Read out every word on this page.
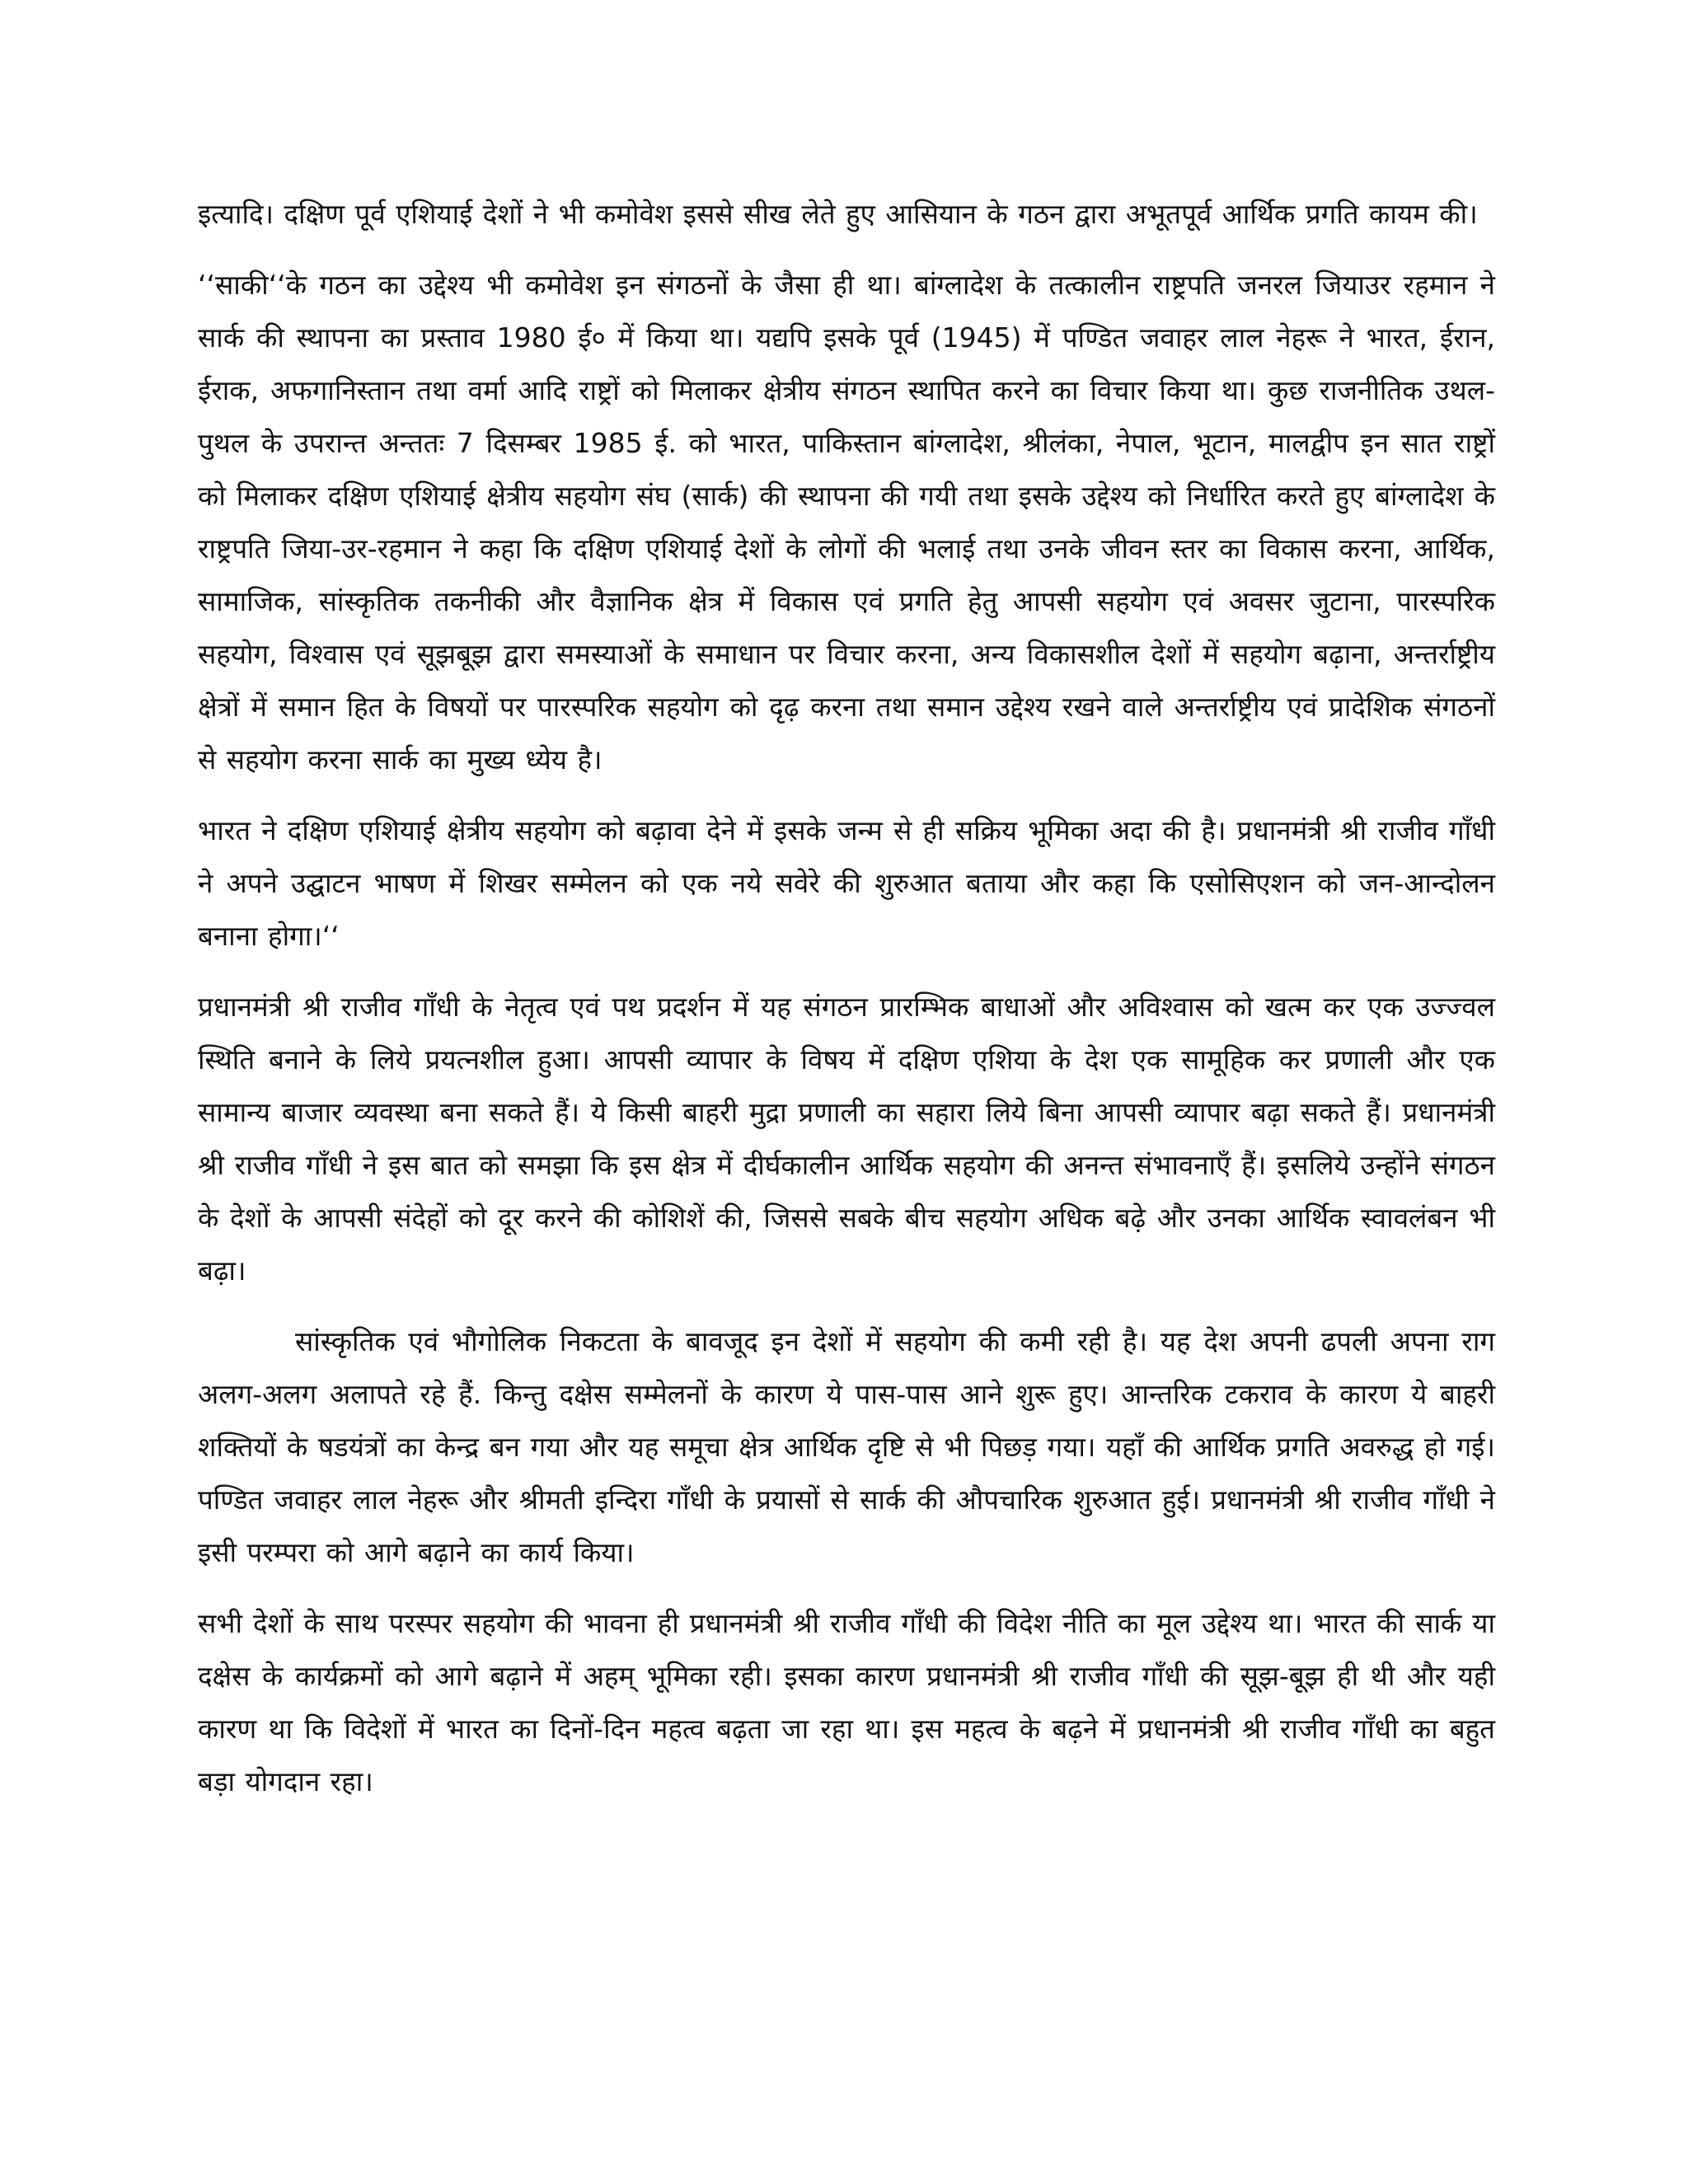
इत्यादि। दक्षिण पूर्व एशियाई देशों ने भी कमोवेश इससे सीख लेते हुए आसियान के गठन द्वारा अभूतपूर्व आर्थिक प्रगति कायम की।

‘‘साकी‘‘के गठन का उद्देश्य भी कमोवेश इन संगठनों के जैसा ही था। बांग्लादेश के तत्कालीन राष्ट्रपति जनरल जियाउर रहमान ने सार्क की स्थापना का प्रस्ताव 1980 ई० में किया था। यद्यपि इसके पूर्व (1945) में पण्डित जवाहर लाल नेहरू ने भारत, ईरान, ईराक, अफगानिस्तान तथा वर्मा आदि राष्ट्रों को मिलाकर क्षेत्रीय संगठन स्थापित करने का विचार किया था। कुछ राजनीतिक उथल-पुथल के उपरान्त अन्ततः 7 दिसम्बर 1985 ई. को भारत, पाकिस्तान बांग्लादेश, श्रीलंका, नेपाल, भूटान, मालद्वीप इन सात राष्ट्रों को मिलाकर दक्षिण एशियाई क्षेत्रीय सहयोग संघ (सार्क) की स्थापना की गयी तथा इसके उद्देश्य को निर्धारित करते हुए बांग्लादेश के राष्ट्रपति जिया-उर-रहमान ने कहा कि दक्षिण एशियाई देशों के लोगों की भलाई तथा उनके जीवन स्तर का विकास करना, आर्थिक, सामाजिक, सांस्कृतिक तकनीकी और वैज्ञानिक क्षेत्र में विकास एवं प्रगति हेतु आपसी सहयोग एवं अवसर जुटाना, पारस्परिक सहयोग, विश्वास एवं सूझबूझ द्वारा समस्याओं के समाधान पर विचार करना, अन्य विकासशील देशों में सहयोग बढ़ाना, अन्तर्राष्ट्रीय क्षेत्रों में समान हित के विषयों पर पारस्परिक सहयोग को दृढ़ करना तथा समान उद्देश्य रखने वाले अन्तर्राष्ट्रीय एवं प्रादेशिक संगठनों से सहयोग करना सार्क का मुख्य ध्येय है।

भारत ने दक्षिण एशियाई क्षेत्रीय सहयोग को बढ़ावा देने में इसके जन्म से ही सक्रिय भूमिका अदा की है। प्रधानमंत्री श्री राजीव गाँधी ने अपने उद्घाटन भाषण में शिखर सम्मेलन को एक नये सवेरे की शुरुआत बताया और कहा कि एसोसिएशन को जन-आन्दोलन बनाना होगा।‘‘

प्रधानमंत्री श्री राजीव गाँधी के नेतृत्व एवं पथ प्रदर्शन में यह संगठन प्रारम्भिक बाधाओं और अविश्वास को खत्म कर एक उज्ज्वल स्थिति बनाने के लिये प्रयत्नशील हुआ। आपसी व्यापार के विषय में दक्षिण एशिया के देश एक सामूहिक कर प्रणाली और एक सामान्य बाजार व्यवस्था बना सकते हैं। ये किसी बाहरी मुद्रा प्रणाली का सहारा लिये बिना आपसी व्यापार बढ़ा सकते हैं। प्रधानमंत्री श्री राजीव गाँधी ने इस बात को समझा कि इस क्षेत्र में दीर्घकालीन आर्थिक सहयोग की अनन्त संभावनाएँ हैं। इसलिये उन्होंने संगठन के देशों के आपसी संदेहों को दूर करने की कोशिशें की, जिससे सबके बीच सहयोग अधिक बढ़े और उनका आर्थिक स्वावलंबन भी बढ़ा।

सांस्कृतिक एवं भौगोलिक निकटता के बावजूद इन देशों में सहयोग की कमी रही है। यह देश अपनी ढपली अपना राग अलग-अलग अलापते रहे हैं. किन्तु दक्षेस सम्मेलनों के कारण ये पास-पास आने शुरू हुए। आन्तरिक टकराव के कारण ये बाहरी शक्तियों के षडयंत्रों का केन्द्र बन गया और यह समूचा क्षेत्र आर्थिक दृष्टि से भी पिछड़ गया। यहाँ की आर्थिक प्रगति अवरुद्ध हो गई। पण्डित जवाहर लाल नेहरू और श्रीमती इन्दिरा गाँधी के प्रयासों से सार्क की औपचारिक शुरुआत हुई। प्रधानमंत्री श्री राजीव गाँधी ने इसी परम्परा को आगे बढ़ाने का कार्य किया।

सभी देशों के साथ परस्पर सहयोग की भावना ही प्रधानमंत्री श्री राजीव गाँधी की विदेश नीति का मूल उद्देश्य था। भारत की सार्क या दक्षेस के कार्यक्रमों को आगे बढ़ाने में अहम् भूमिका रही। इसका कारण प्रधानमंत्री श्री राजीव गाँधी की सूझ-बूझ ही थी और यही कारण था कि विदेशों में भारत का दिनों-दिन महत्व बढ़ता जा रहा था। इस महत्व के बढ़ने में प्रधानमंत्री श्री राजीव गाँधी का बहुत बड़ा योगदान रहा।
